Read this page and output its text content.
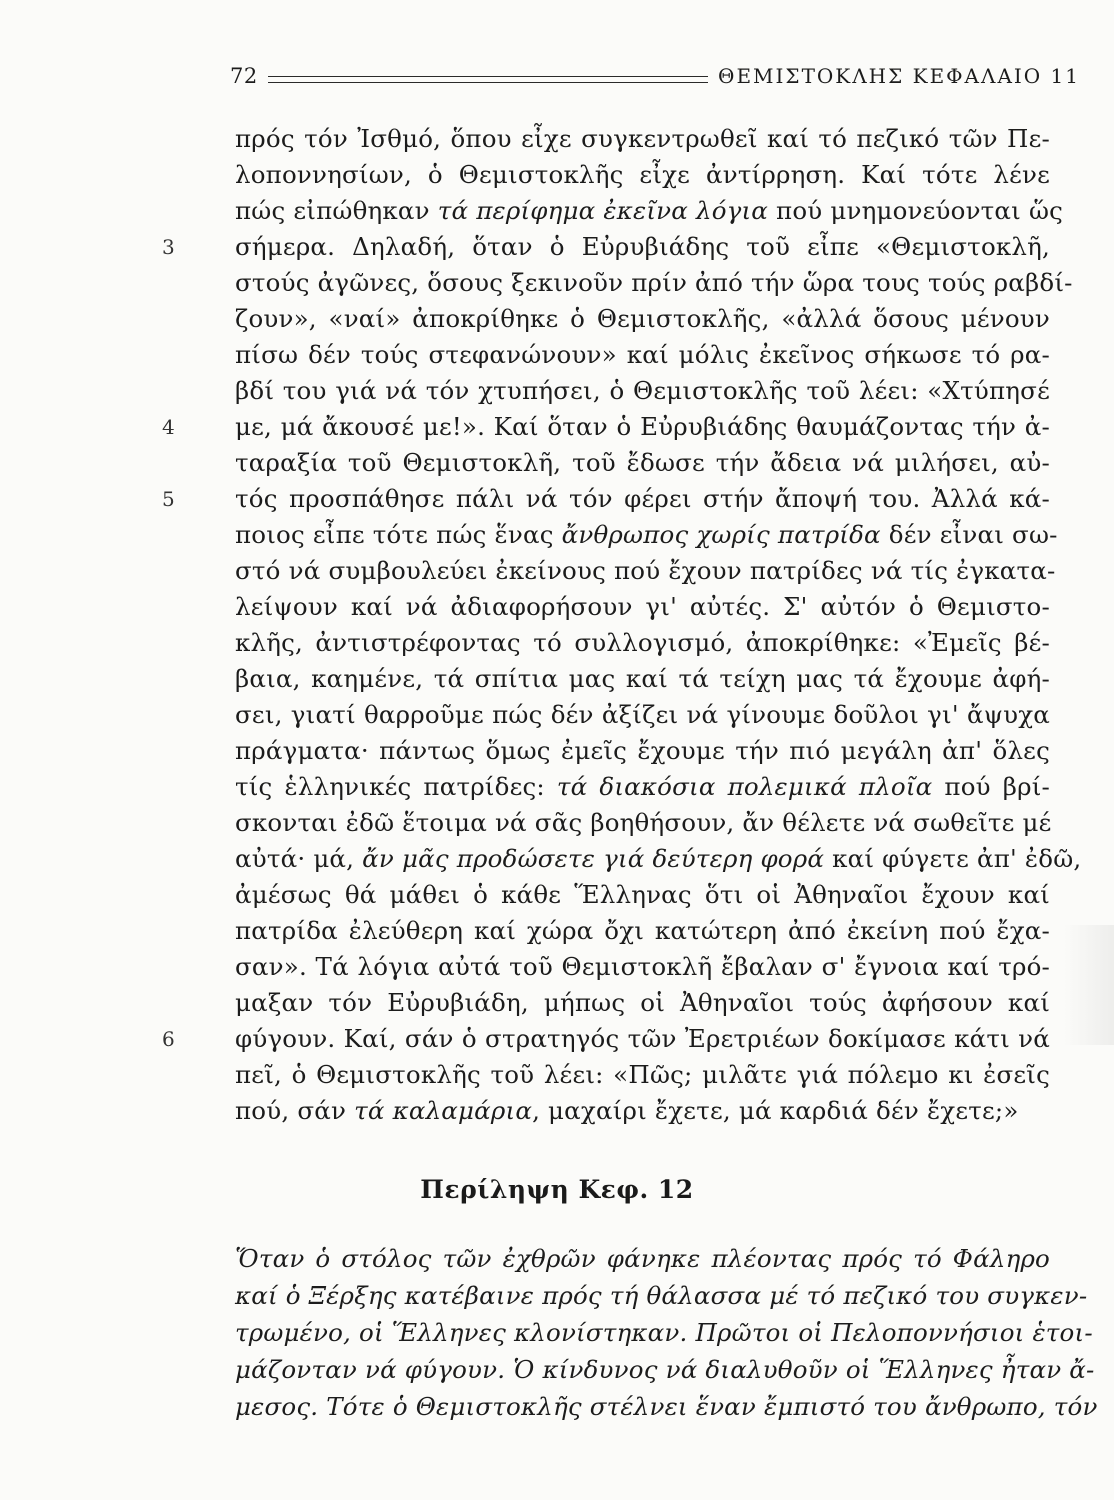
72	ΘΕΜΙΣΤΟΚΛΗΣ ΚΕΦΑΛΑΙΟ 11
πρός τόν Ἰσθμό, ὅπου εἶχε συγκεντρωθεῖ καί τό πεζικό τῶν Πε-
λοποννησίων, ὁ Θεμιστοκλῆς εἶχε ἀντίρρηση. Καί τότε λένε
πώς εἰπώθηκαν τά περίφημα ἐκεῖνα λόγια πού μνημονεύονται ὥς
3 σήμερα. Δηλαδή, ὅταν ὁ Εὐρυβιάδης τοῦ εἶπε «Θεμιστοκλῆ,
στούς ἀγῶνες, ὅσους ξεκινοῦν πρίν ἀπό τήν ὥρα τους τούς ραβδί-
ζουν», «ναί» ἀποκρίθηκε ὁ Θεμιστοκλῆς, «ἀλλά ὅσους μένουν
πίσω δέν τούς στεφανώνουν» καί μόλις ἐκεῖνος σήκωσε τό ρα-
βδί του γιά νά τόν χτυπήσει, ὁ Θεμιστοκλῆς τοῦ λέει: «Χτύπησέ
4 με, μά ἄκουσέ με!». Καί ὅταν ὁ Εὐρυβιάδης θαυμάζοντας τήν ἀ-
ταραξία τοῦ Θεμιστοκλῆ, τοῦ ἔδωσε τήν ἄδεια νά μιλήσει, αὐ-
5 τός προσπάθησε πάλι νά τόν φέρει στήν ἄποψή του. Ἀλλά κά-
ποιος εἶπε τότε πώς ἕνας ἄνθρωπος χωρίς πατρίδα δέν εἶναι σω-
στό νά συμβουλεύει ἐκείνους πού ἔχουν πατρίδες νά τίς ἐγκατα-
λείψουν καί νά ἀδιαφορήσουν γι' αὐτές. Σ' αὐτόν ὁ Θεμιστο-
κλῆς, ἀντιστρέφοντας τό συλλογισμό, ἀποκρίθηκε: «Ἐμεῖς βέ-
βαια, καημένε, τά σπίτια μας καί τά τείχη μας τά ἔχουμε ἀφή-
σει, γιατί θαρροῦμε πώς δέν ἀξίζει νά γίνουμε δοῦλοι γι' ἄψυχα
πράγματα· πάντως ὅμως ἐμεῖς ἔχουμε τήν πιό μεγάλη ἀπ' ὅλες
τίς ἑλληνικές πατρίδες: τά διακόσια πολεμικά πλοῖα πού βρί-
σκονται ἐδῶ ἕτοιμα νά σᾶς βοηθήσουν, ἄν θέλετε νά σωθεῖτε μέ
αὐτά· μά, ἄν μᾶς προδώσετε γιά δεύτερη φορά καί φύγετε ἀπ' ἐδῶ,
ἀμέσως θά μάθει ὁ κάθε Ἕλληνας ὅτι οἱ Ἀθηναῖοι ἔχουν καί
πατρίδα ἐλεύθερη καί χώρα ὄχι κατώτερη ἀπό ἐκείνη πού ἔχα-
σαν». Τά λόγια αὐτά τοῦ Θεμιστοκλῆ ἔβαλαν σ' ἔγνοια καί τρό-
μαξαν τόν Εὐρυβιάδη, μήπως οἱ Ἀθηναῖοι τούς ἀφήσουν καί
6 φύγουν. Καί, σάν ὁ στρατηγός τῶν Ἐρετριέων δοκίμασε κάτι νά
πεῖ, ὁ Θεμιστοκλῆς τοῦ λέει: «Πῶς; μιλᾶτε γιά πόλεμο κι ἐσεῖς
πού, σάν τά καλαμάρια, μαχαίρι ἔχετε, μά καρδιά δέν ἔχετε;»
Περίληψη Κεφ. 12
Ὅταν ὁ στόλος τῶν ἐχθρῶν φάνηκε πλέοντας πρός τό Φάληρο
καί ὁ Ξέρξης κατέβαινε πρός τή θάλασσα μέ τό πεζικό του συγκεν-
τρωμένο, οἱ Ἕλληνες κλονίστηκαν. Πρῶτοι οἱ Πελοποννήσιοι ἑτοι-
μάζονταν νά φύγουν. Ὁ κίνδυνος νά διαλυθοῦν οἱ Ἕλληνες ἦταν ἄ-
μεσος. Τότε ὁ Θεμιστοκλῆς στέλνει ἕναν ἔμπιστό του ἄνθρωπο, τόν
